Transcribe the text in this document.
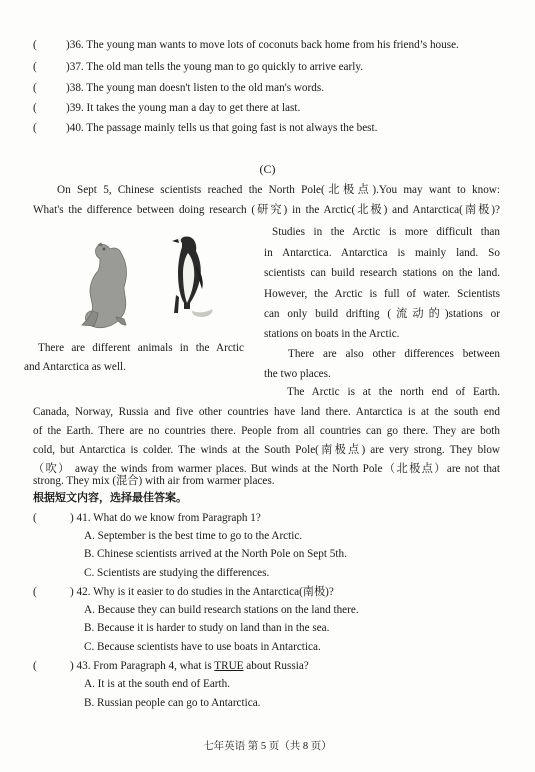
(	)36. The young man wants to move lots of coconuts back home from his friend’s house.
(	)37. The old man tells the young man to go quickly to arrive early.
(	)38. The young man doesn't listen to the old man's words.
(	)39. It takes the young man a day to get there at last.
(	)40. The passage mainly tells us that going fast is not always the best.
(C)
On Sept 5, Chinese scientists reached the North Pole(北极点).You may want to know:
What's the difference between doing research (研究) in the Arctic(北极) and Antarctica(南极)?
Studies in the Arctic is more difficult than
in Antarctica. Antarctica is mainly land. So
scientists can build research stations on the land.
However, the Arctic is full of water. Scientists
can only build drifting (流动的)stations or
stations on boats in the Arctic.
There are different animals in the Arctic
and Antarctica as well.
There are also other differences between
the two places.
The Arctic is at the north end of Earth.
Canada, Norway, Russia and five other countries have land there. Antarctica is at the south end
of the Earth. There are no countries there. People from all countries can go there. They are both
cold, but Antarctica is colder. The winds at the South Pole(南极点) are very strong. They blow
（吹） away the winds from warmer places. But winds at the North Pole（北极点）are not that
strong. They mix (混合) with air from warmer places.
根据短文内容，选择最佳答案。
(	) 41. What do we know from Paragraph 1?
A. September is the best time to go to the Arctic.
B. Chinese scientists arrived at the North Pole on Sept 5th.
C. Scientists are studying the differences.
(	) 42. Why is it easier to do studies in the Antarctica(南极)?
A. Because they can build research stations on the land there.
B. Because it is harder to study on land than in the sea.
C. Because scientists have to use boats in Antarctica.
(	) 43. From Paragraph 4, what is TRUE about Russia?
A. It is at the south end of Earth.
B. Russian people can go to Antarctica.
七年英语 第 5 页（共 8 页）
